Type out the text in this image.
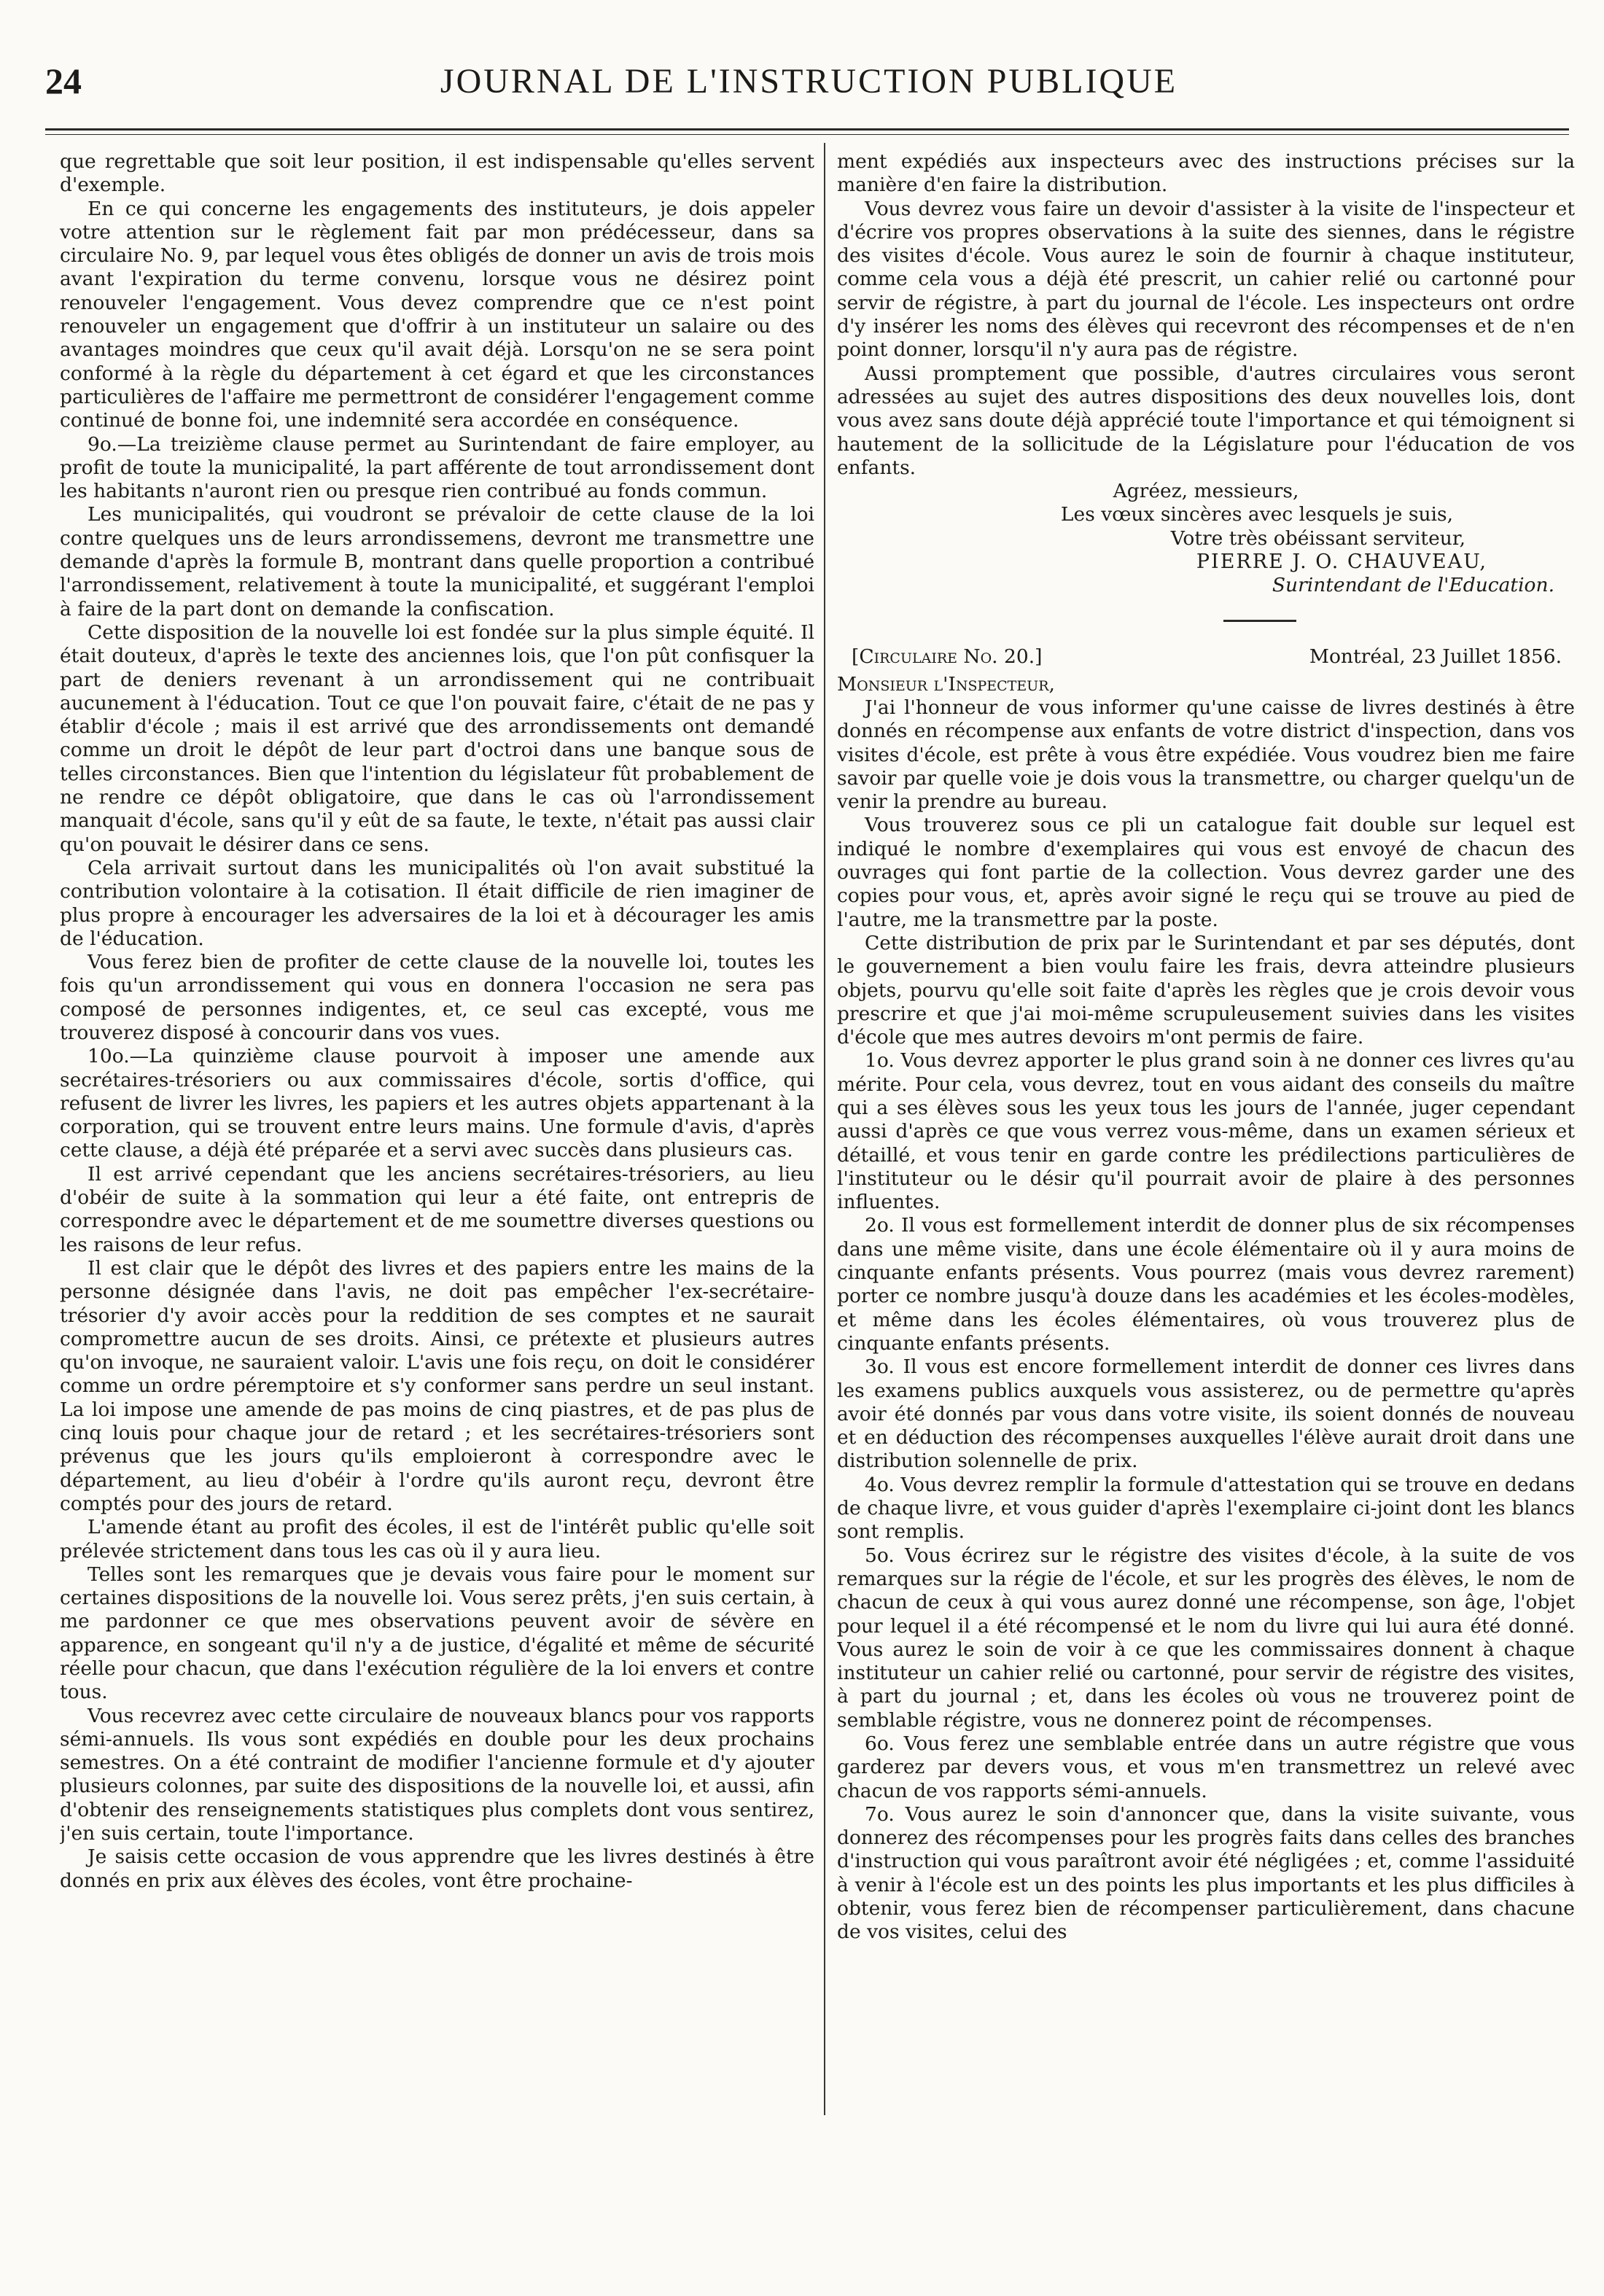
24	JOURNAL DE L'INSTRUCTION PUBLIQUE

que regrettable que soit leur position, il est indispensable qu'elles servent d'exemple.

En ce qui concerne les engagements des instituteurs, je dois appeler votre attention sur le règlement fait par mon prédécesseur, dans sa circulaire No. 9, par lequel vous êtes obligés de donner un avis de trois mois avant l'expiration du terme convenu, lorsque vous ne désirez point renouveler l'engagement. Vous devez comprendre que ce n'est point renouveler un engagement que d'offrir à un instituteur un salaire ou des avantages moindres que ceux qu'il avait déjà. Lorsqu'on ne se sera point conformé à la règle du département à cet égard et que les circonstances particulières de l'affaire me permettront de considérer l'engagement comme continué de bonne foi, une indemnité sera accordée en conséquence.

9o.—La treizième clause permet au Surintendant de faire employer, au profit de toute la municipalité, la part afférente de tout arrondissement dont les habitants n'auront rien ou presque rien contribué au fonds commun.

Les municipalités, qui voudront se prévaloir de cette clause de la loi contre quelques uns de leurs arrondissemens, devront me transmettre une demande d'après la formule B, montrant dans quelle proportion a contribué l'arrondissement, relativement à toute la municipalité, et suggérant l'emploi à faire de la part dont on demande la confiscation.

Cette disposition de la nouvelle loi est fondée sur la plus simple équité. Il était douteux, d'après le texte des anciennes lois, que l'on pût confisquer la part de deniers revenant à un arrondissement qui ne contribuait aucunement à l'éducation. Tout ce que l'on pouvait faire, c'était de ne pas y établir d'école ; mais il est arrivé que des arrondissements ont demandé comme un droit le dépôt de leur part d'octroi dans une banque sous de telles circonstances. Bien que l'intention du législateur fût probablement de ne rendre ce dépôt obligatoire, que dans le cas où l'arrondissement manquait d'école, sans qu'il y eût de sa faute, le texte, n'était pas aussi clair qu'on pouvait le désirer dans ce sens.

Cela arrivait surtout dans les municipalités où l'on avait substitué la contribution volontaire à la cotisation. Il était difficile de rien imaginer de plus propre à encourager les adversaires de la loi et à décourager les amis de l'éducation.

Vous ferez bien de profiter de cette clause de la nouvelle loi, toutes les fois qu'un arrondissement qui vous en donnera l'occasion ne sera pas composé de personnes indigentes, et, ce seul cas excepté, vous me trouverez disposé à concourir dans vos vues.

10o.—La quinzième clause pourvoit à imposer une amende aux secrétaires-trésoriers ou aux commissaires d'école, sortis d'office, qui refusent de livrer les livres, les papiers et les autres objets appartenant à la corporation, qui se trouvent entre leurs mains. Une formule d'avis, d'après cette clause, a déjà été préparée et a servi avec succès dans plusieurs cas.

Il est arrivé cependant que les anciens secrétaires-trésoriers, au lieu d'obéir de suite à la sommation qui leur a été faite, ont entrepris de correspondre avec le département et de me soumettre diverses questions ou les raisons de leur refus.

Il est clair que le dépôt des livres et des papiers entre les mains de la personne désignée dans l'avis, ne doit pas empêcher l'ex-secrétaire-trésorier d'y avoir accès pour la reddition de ses comptes et ne saurait compromettre aucun de ses droits. Ainsi, ce prétexte et plusieurs autres qu'on invoque, ne sauraient valoir. L'avis une fois reçu, on doit le considérer comme un ordre péremptoire et s'y conformer sans perdre un seul instant. La loi impose une amende de pas moins de cinq piastres, et de pas plus de cinq louis pour chaque jour de retard ; et les secrétaires-trésoriers sont prévenus que les jours qu'ils emploieront à correspondre avec le département, au lieu d'obéir à l'ordre qu'ils auront reçu, devront être comptés pour des jours de retard.

L'amende étant au profit des écoles, il est de l'intérêt public qu'elle soit prélevée strictement dans tous les cas où il y aura lieu.

Telles sont les remarques que je devais vous faire pour le moment sur certaines dispositions de la nouvelle loi. Vous serez prêts, j'en suis certain, à me pardonner ce que mes observations peuvent avoir de sévère en apparence, en songeant qu'il n'y a de justice, d'égalité et même de sécurité réelle pour chacun, que dans l'exécution régulière de la loi envers et contre tous.

Vous recevrez avec cette circulaire de nouveaux blancs pour vos rapports sémi-annuels. Ils vous sont expédiés en double pour les deux prochains semestres. On a été contraint de modifier l'ancienne formule et d'y ajouter plusieurs colonnes, par suite des dispositions de la nouvelle loi, et aussi, afin d'obtenir des renseignements statistiques plus complets dont vous sentirez, j'en suis certain, toute l'importance.

Je saisis cette occasion de vous apprendre que les livres destinés à être donnés en prix aux élèves des écoles, vont être prochaine-

ment expédiés aux inspecteurs avec des instructions précises sur la manière d'en faire la distribution.

Vous devrez vous faire un devoir d'assister à la visite de l'inspecteur et d'écrire vos propres observations à la suite des siennes, dans le régistre des visites d'école. Vous aurez le soin de fournir à chaque instituteur, comme cela vous a déjà été prescrit, un cahier relié ou cartonné pour servir de régistre, à part du journal de l'école. Les inspecteurs ont ordre d'y insérer les noms des élèves qui recevront des récompenses et de n'en point donner, lorsqu'il n'y aura pas de régistre.

Aussi promptement que possible, d'autres circulaires vous seront adressées au sujet des autres dispositions des deux nouvelles lois, dont vous avez sans doute déjà apprécié toute l'importance et qui témoignent si hautement de la sollicitude de la Législature pour l'éducation de vos enfants.

Agréez, messieurs,
Les vœux sincères avec lesquels je suis,
Votre très obéissant serviteur,
PIERRE J. O. CHAUVEAU,
Surintendant de l'Education.
[Circulaire No. 20.]	Montréal, 23 Juillet 1856.
Monsieur l'Inspecteur,

J'ai l'honneur de vous informer qu'une caisse de livres destinés à être donnés en récompense aux enfants de votre district d'inspection, dans vos visites d'école, est prête à vous être expédiée. Vous voudrez bien me faire savoir par quelle voie je dois vous la transmettre, ou charger quelqu'un de venir la prendre au bureau.

Vous trouverez sous ce pli un catalogue fait double sur lequel est indiqué le nombre d'exemplaires qui vous est envoyé de chacun des ouvrages qui font partie de la collection. Vous devrez garder une des copies pour vous, et, après avoir signé le reçu qui se trouve au pied de l'autre, me la transmettre par la poste.

Cette distribution de prix par le Surintendant et par ses députés, dont le gouvernement a bien voulu faire les frais, devra atteindre plusieurs objets, pourvu qu'elle soit faite d'après les règles que je crois devoir vous prescrire et que j'ai moi-même scrupuleusement suivies dans les visites d'école que mes autres devoirs m'ont permis de faire.

1o. Vous devrez apporter le plus grand soin à ne donner ces livres qu'au mérite. Pour cela, vous devrez, tout en vous aidant des conseils du maître qui a ses élèves sous les yeux tous les jours de l'année, juger cependant aussi d'après ce que vous verrez vous-même, dans un examen sérieux et détaillé, et vous tenir en garde contre les prédilections particulières de l'instituteur ou le désir qu'il pourrait avoir de plaire à des personnes influentes.

2o. Il vous est formellement interdit de donner plus de six récompenses dans une même visite, dans une école élémentaire où il y aura moins de cinquante enfants présents. Vous pourrez (mais vous devrez rarement) porter ce nombre jusqu'à douze dans les académies et les écoles-modèles, et même dans les écoles élémentaires, où vous trouverez plus de cinquante enfants présents.

3o. Il vous est encore formellement interdit de donner ces livres dans les examens publics auxquels vous assisterez, ou de permettre qu'après avoir été donnés par vous dans votre visite, ils soient donnés de nouveau et en déduction des récompenses auxquelles l'élève aurait droit dans une distribution solennelle de prix.

4o. Vous devrez remplir la formule d'attestation qui se trouve en dedans de chaque livre, et vous guider d'après l'exemplaire ci-joint dont les blancs sont remplis.

5o. Vous écrirez sur le régistre des visites d'école, à la suite de vos remarques sur la régie de l'école, et sur les progrès des élèves, le nom de chacun de ceux à qui vous aurez donné une récompense, son âge, l'objet pour lequel il a été récompensé et le nom du livre qui lui aura été donné. Vous aurez le soin de voir à ce que les commissaires donnent à chaque instituteur un cahier relié ou cartonné, pour servir de régistre des visites, à part du journal ; et, dans les écoles où vous ne trouverez point de semblable régistre, vous ne donnerez point de récompenses.

6o. Vous ferez une semblable entrée dans un autre régistre que vous garderez par devers vous, et vous m'en transmettrez un relevé avec chacun de vos rapports sémi-annuels.

7o. Vous aurez le soin d'annoncer que, dans la visite suivante, vous donnerez des récompenses pour les progrès faits dans celles des branches d'instruction qui vous paraîtront avoir été négligées ; et, comme l'assiduité à venir à l'école est un des points les plus importants et les plus difficiles à obtenir, vous ferez bien de récompenser particulièrement, dans chacune de vos visites, celui des
